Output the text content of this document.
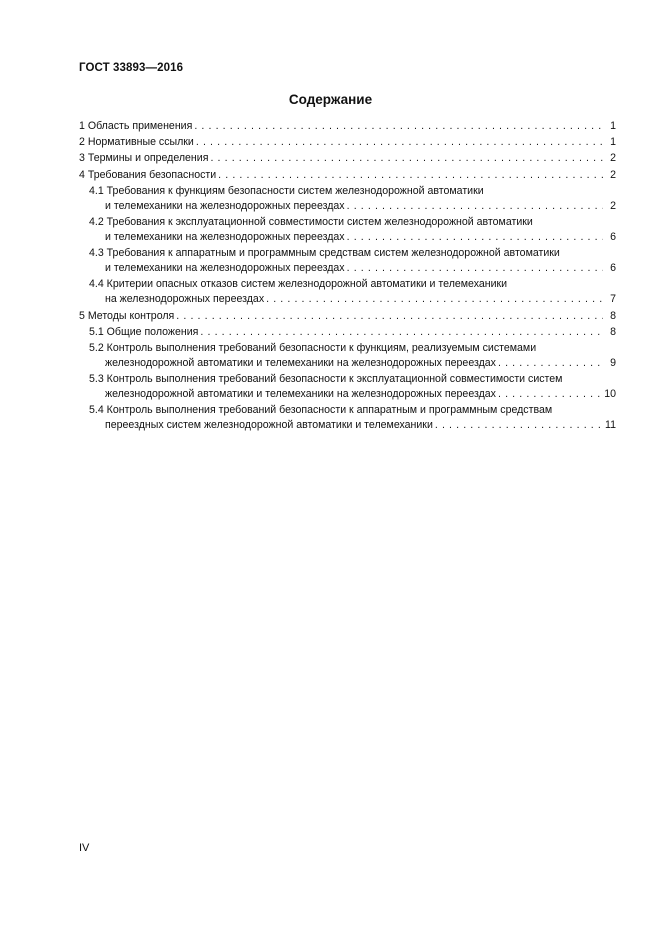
ГОСТ 33893—2016
Содержание
1 Область применения . . .	1
2 Нормативные ссылки . . .	1
3 Термины и определения . . .	2
4 Требования безопасности . . .	2
4.1 Требования к функциям безопасности систем железнодорожной автоматики
и телемеханики на железнодорожных переездах . . .	2
4.2 Требования к эксплуатационной совместимости систем железнодорожной автоматики
и телемеханики на железнодорожных переездах . . .	6
4.3 Требования к аппаратным и программным средствам систем железнодорожной автоматики
и телемеханики на железнодорожных переездах . . .	6
4.4 Критерии опасных отказов систем железнодорожной автоматики и телемеханики
на железнодорожных переездах . . .	7
5 Методы контроля . . .	8
5.1 Общие положения . . .	8
5.2 Контроль выполнения требований безопасности к функциям, реализуемым системами
железнодорожной автоматики и телемеханики на железнодорожных переездах . . .	9
5.3 Контроль выполнения требований безопасности к эксплуатационной совместимости систем
железнодорожной автоматики и телемеханики на железнодорожных переездах . . .	10
5.4 Контроль выполнения требований безопасности к аппаратным и программным средствам
переездных систем железнодорожной автоматики и телемеханики . . .	11
IV
